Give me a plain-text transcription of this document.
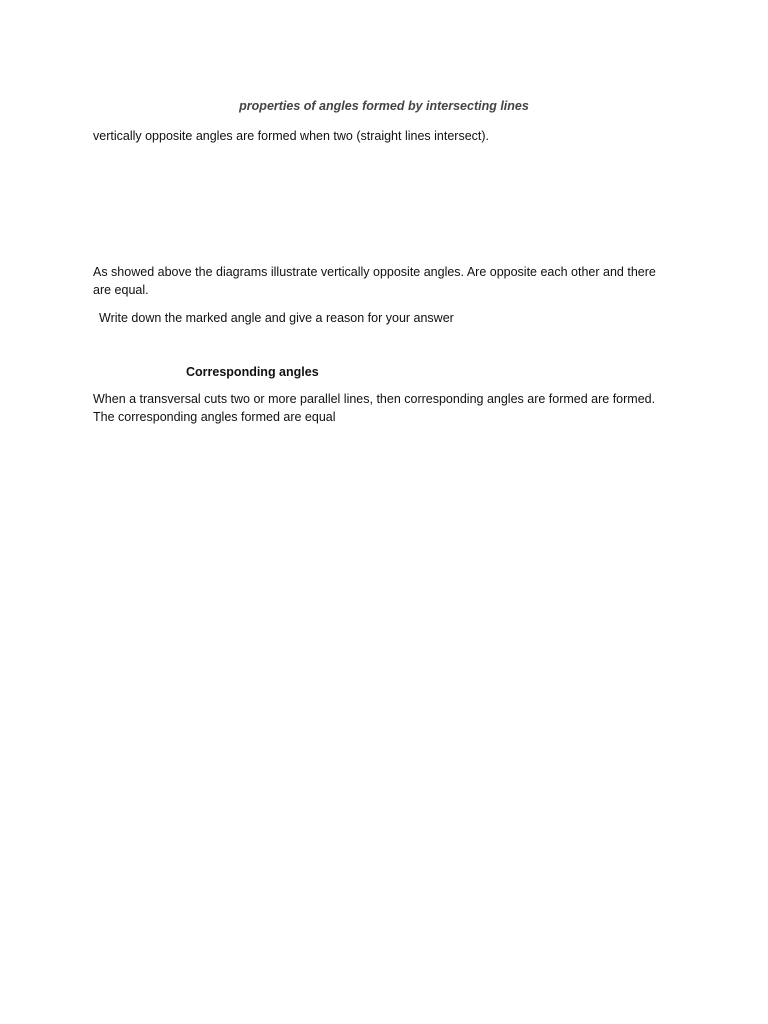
properties of angles formed by intersecting lines

vertically opposite angles are formed when two (straight lines intersect).

As showed above the diagrams illustrate vertically opposite angles. Are opposite each other and there are equal.

Write down the marked angle and give a reason for your answer

Corresponding angles

When a transversal cuts two or more parallel lines, then corresponding angles are formed are formed. The corresponding angles formed are equal
